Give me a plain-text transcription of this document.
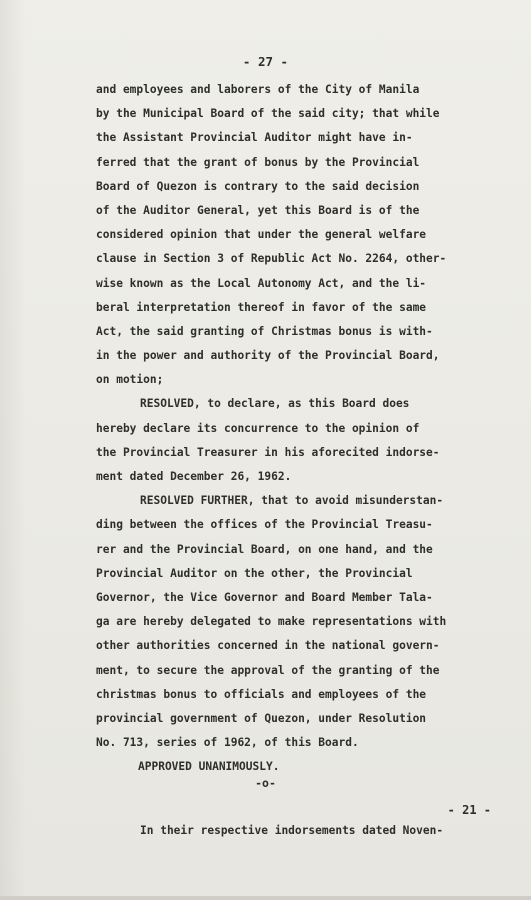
- 27 -
and employees and laborers of the City of Manila
by the Municipal Board of the said city; that while
the Assistant Provincial Auditor might have in-
ferred that the grant of bonus by the Provincial
Board of Quezon is contrary to the said decision
of the Auditor General, yet this Board is of the
considered opinion that under the general welfare
clause in Section 3 of Republic Act No. 2264, other-
wise known as the Local Autonomy Act, and the li-
beral interpretation thereof in favor of the same
Act, the said granting of Christmas bonus is with-
in the power and authority of the Provincial Board,
on motion;
RESOLVED, to declare, as this Board does
hereby declare its concurrence to the opinion of
the Provincial Treasurer in his aforecited indorse-
ment dated December 26, 1962.
RESOLVED FURTHER, that to avoid misunderstan-
ding between the offices of the Provincial Treasu-
rer and the Provincial Board, on one hand, and the
Provincial Auditor on the other, the Provincial
Governor, the Vice Governor and Board Member Tala-
ga are hereby delegated to make representations with
other authorities concerned in the national govern-
ment, to secure the approval of the granting of the
christmas bonus to officials and employees of the
provincial government of Quezon, under Resolution
No. 713, series of 1962, of this Board.
APPROVED UNANIMOUSLY.
-o-
- 21 -
In their respective indorsements dated Noven-
